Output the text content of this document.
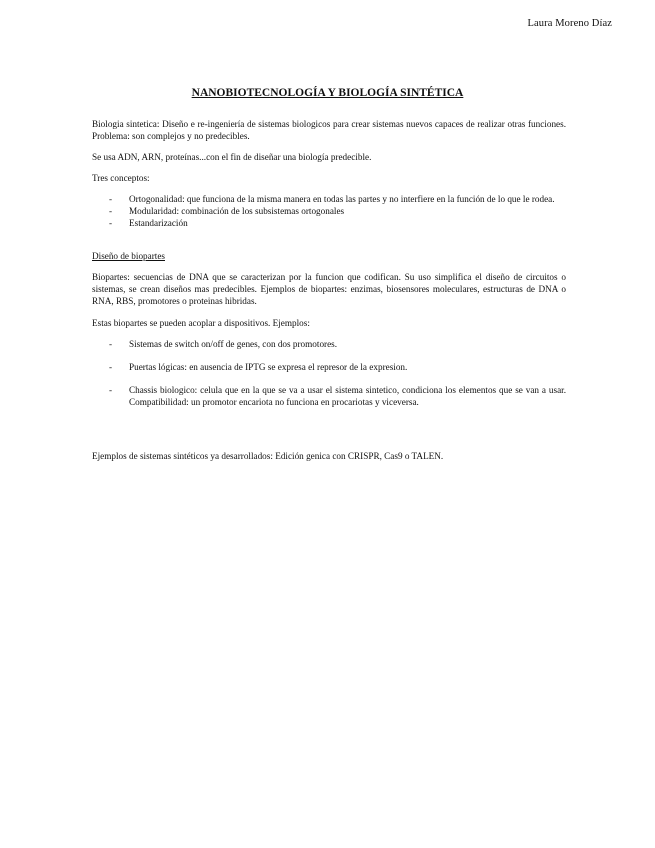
Laura Moreno Díaz
NANOBIOTECNOLOGÍA Y BIOLOGÍA SINTÉTICA

Biologia sintetica: Diseño e re-ingeniería de sistemas biologicos para crear sistemas nuevos capaces de realizar otras funciones. Problema: son complejos y no predecibles.

Se usa ADN, ARN, proteínas...con el fin de diseñar una biología predecible.

Tres conceptos:

- Ortogonalidad: que funciona de la misma manera en todas las partes y no interfiere en la función de lo que le rodea.
- Modularidad: combinación de los subsistemas ortogonales
- Estandarización

Diseño de biopartes

Biopartes: secuencias de DNA que se caracterizan por la funcion que codifican. Su uso simplifica el diseño de circuitos o sistemas, se crean diseños mas predecibles. Ejemplos de biopartes: enzimas, biosensores moleculares, estructuras de DNA o RNA, RBS, promotores o proteinas hibridas.

Estas biopartes se pueden acoplar a dispositivos. Ejemplos:

- Sistemas de switch on/off de genes, con dos promotores.
- Puertas lógicas: en ausencia de IPTG se expresa el represor de la expresion.
- Chassis biologico: celula que en la que se va a usar el sistema sintetico, condiciona los elementos que se van a usar. Compatibilidad: un promotor encariota no funciona en procariotas y viceversa.

Ejemplos de sistemas sintéticos ya desarrollados: Edición genica con CRISPR, Cas9 o TALEN.
